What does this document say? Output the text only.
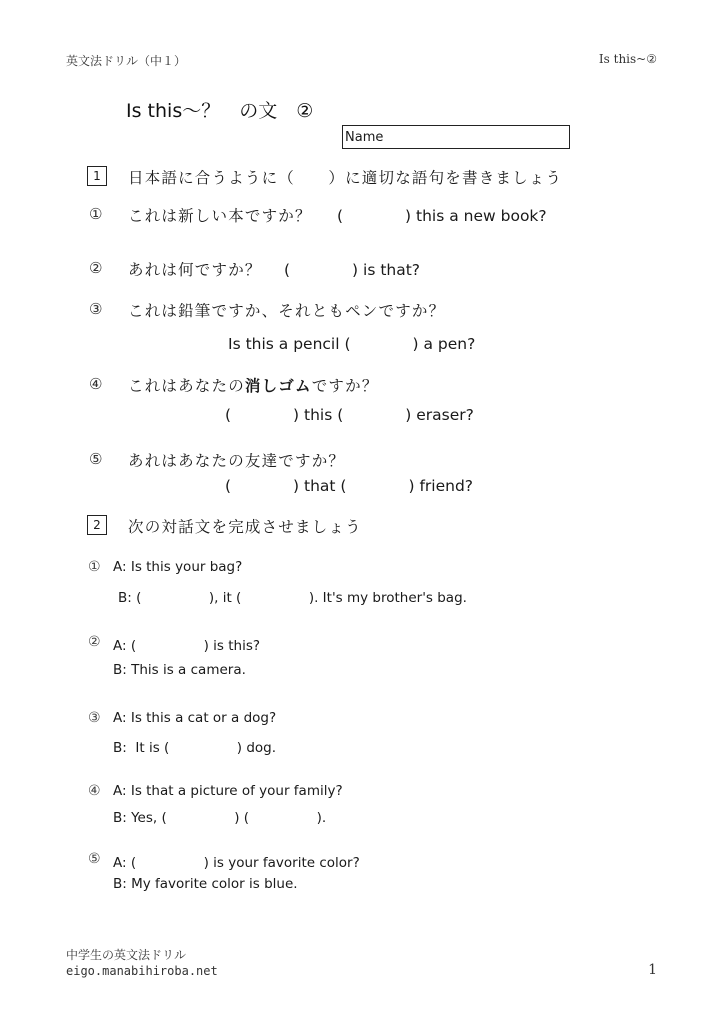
英文法ドリル（中１）	Is this~②
Is this～？　の文　②
Name
1	日本語に合うように（　　）に適切な語句を書きましょう
① これは新しい本ですか？ (　　　　) this a new book?
② あれは何ですか？ (　　　　) is that?
③ これは鉛筆ですか、それともペンですか？
Is this a pencil (　　　　) a pen?
④ これはあなたの消しゴムですか？
(　　　　) this (　　　　) eraser?
⑤ あれはあなたの友達ですか？
(　　　　) that (　　　　) friend?
2	次の対話文を完成させましょう
① A: Is this your bag?
B: (　　　　　), it (　　　　　). It's my brother's bag.
② A: (　　　　　) is this?
B: This is a camera.
③ A: Is this a cat or a dog?
B:  It is (　　　　　) dog.
④ A: Is that a picture of your family?
B: Yes, (　　　　　) (　　　　　).
⑤ A: (　　　　　) is your favorite color?
B: My favorite color is blue.
中学生の英文法ドリル
eigo.manabihiroba.net	1
